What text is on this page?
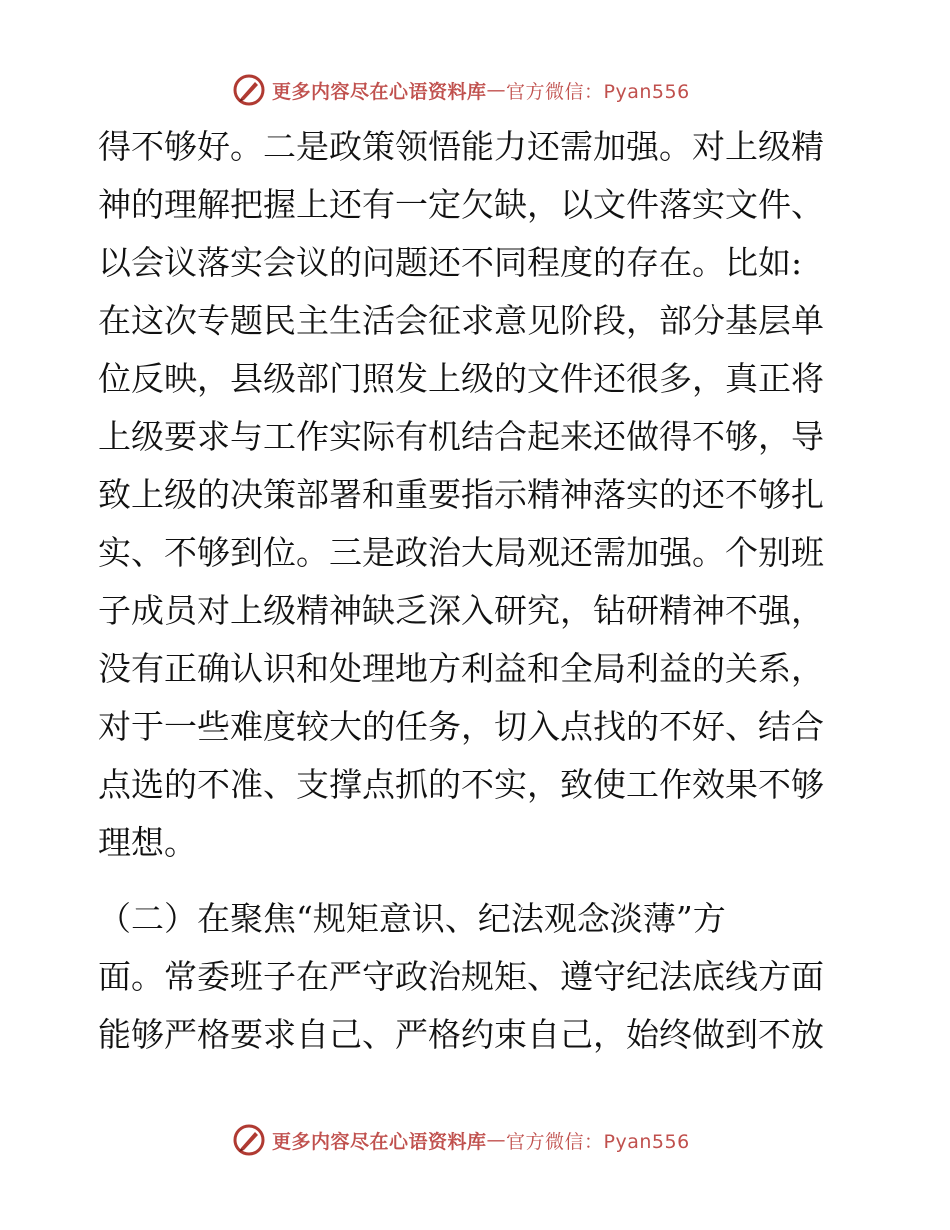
更多内容尽在心语资料库 — 官方微信：Pyan556
得不够好。二是政策领悟能力还需加强。对上级精
神的理解把握上还有一定欠缺，以文件落实文件、
以会议落实会议的问题还不同程度的存在。比如:
在这次专题民主生活会征求意见阶段，部分基层单
位反映，县级部门照发上级的文件还很多，真正将
上级要求与工作实际有机结合起来还做得不够，导
致上级的决策部署和重要指示精神落实的还不够扎
实、不够到位。三是政治大局观还需加强。个别班
子成员对上级精神缺乏深入研究，钻研精神不强，
没有正确认识和处理地方利益和全局利益的关系，
对于一些难度较大的任务，切入点找的不好、结合
点选的不准、支撑点抓的不实，致使工作效果不够
理想。
（二）在聚焦“规矩意识、纪法观念淡薄”方
面。常委班子在严守政治规矩、遵守纪法底线方面
能够严格要求自己、严格约束自己，始终做到不放
更多内容尽在心语资料库 — 官方微信：Pyan556
